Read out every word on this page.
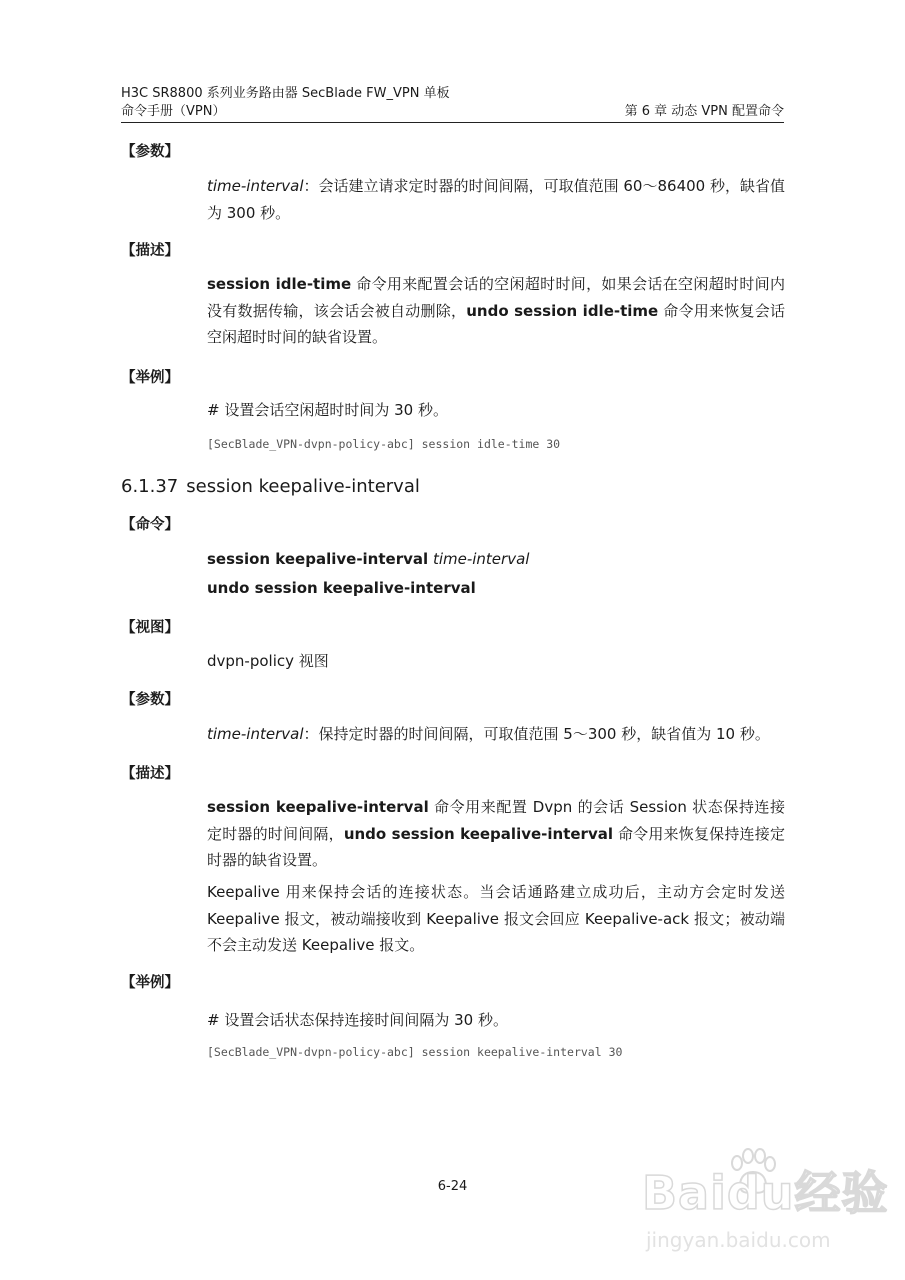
H3C SR8800 系列业务路由器 SecBlade FW_VPN 单板
命令手册（VPN）	第 6 章 动态 VPN 配置命令
【参数】
time-interval：会话建立请求定时器的时间间隔，可取值范围 60～86400 秒，缺省值为 300 秒。
【描述】
session idle-time 命令用来配置会话的空闲超时时间，如果会话在空闲超时时间内没有数据传输，该会话会被自动删除，undo session idle-time 命令用来恢复会话空闲超时时间的缺省设置。
【举例】
# 设置会话空闲超时时间为 30 秒。
[SecBlade_VPN-dvpn-policy-abc] session idle-time 30
6.1.37 session keepalive-interval
【命令】
session keepalive-interval time-interval
undo session keepalive-interval
【视图】
dvpn-policy 视图
【参数】
time-interval：保持定时器的时间间隔，可取值范围 5～300 秒，缺省值为 10 秒。
【描述】
session keepalive-interval 命令用来配置 Dvpn 的会话 Session 状态保持连接定时器的时间间隔，undo session keepalive-interval 命令用来恢复保持连接定时器的缺省设置。
Keepalive 用来保持会话的连接状态。当会话通路建立成功后，主动方会定时发送 Keepalive 报文，被动端接收到 Keepalive 报文会回应 Keepalive-ack 报文；被动端不会主动发送 Keepalive 报文。
【举例】
# 设置会话状态保持连接时间间隔为 30 秒。
[SecBlade_VPN-dvpn-policy-abc] session keepalive-interval 30
6-24	Baidu经验
jingyan.baidu.com
